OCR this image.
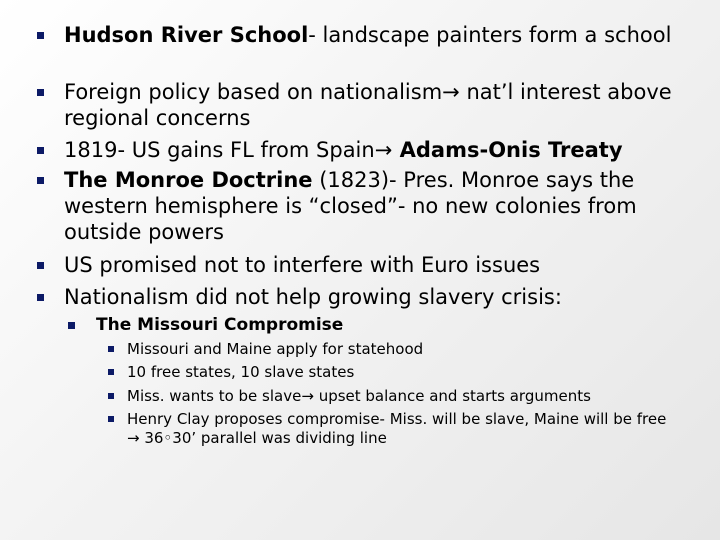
Hudson River School- landscape painters form a school
Foreign policy based on nationalism→ nat’l interest above regional concerns
1819- US gains FL from Spain→ Adams-Onis Treaty
The Monroe Doctrine (1823)- Pres. Monroe says the western hemisphere is “closed”- no new colonies from outside powers
US promised not to interfere with Euro issues
Nationalism did not help growing slavery crisis:
The Missouri Compromise
Missouri and Maine apply for statehood
10 free states, 10 slave states
Miss. wants to be slave→ upset balance and starts arguments
Henry Clay proposes compromise- Miss. will be slave, Maine will be free→ 36◦30’ parallel was dividing line
